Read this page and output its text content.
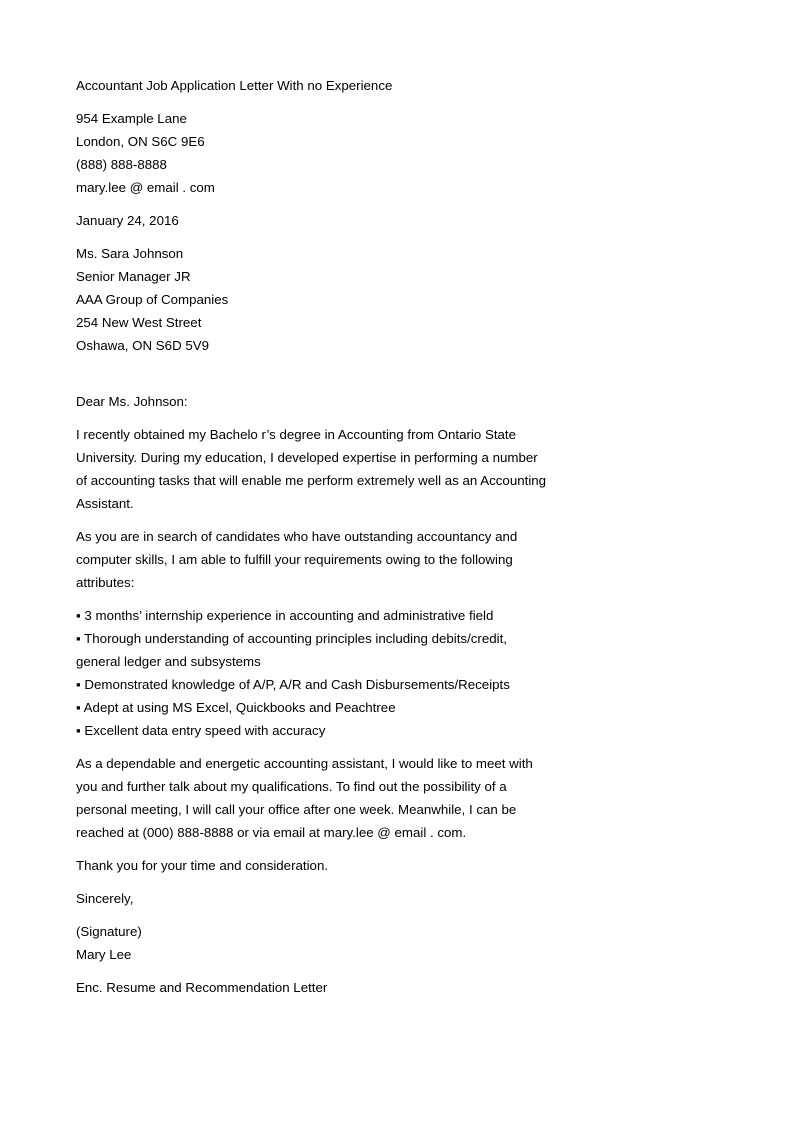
Accountant Job Application Letter With no Experience
954 Example Lane
London, ON S6C 9E6
(888) 888-8888
mary.lee @ email . com
January 24, 2016
Ms. Sara Johnson
Senior Manager JR
AAA Group of Companies
254 New West Street
Oshawa, ON S6D 5V9
Dear Ms. Johnson:
I recently obtained my Bachelo r’s degree in Accounting from Ontario State
University. During my education, I developed expertise in performing a number
of accounting tasks that will enable me perform extremely well as an Accounting
Assistant.
As you are in search of candidates who have outstanding accountancy and
computer skills, I am able to fulfill your requirements owing to the following
attributes:
▪ 3 months’ internship experience in accounting and administrative field
▪ Thorough understanding of accounting principles including debits/credit,
general ledger and subsystems
▪ Demonstrated knowledge of A/P, A/R and Cash Disbursements/Receipts
▪ Adept at using MS Excel, Quickbooks and Peachtree
▪ Excellent data entry speed with accuracy
As a dependable and energetic accounting assistant, I would like to meet with
you and further talk about my qualifications. To find out the possibility of a
personal meeting, I will call your office after one week. Meanwhile, I can be
reached at (000) 888-8888 or via email at mary.lee @ email . com.
Thank you for your time and consideration.
Sincerely,
(Signature)
Mary Lee
Enc. Resume and Recommendation Letter
